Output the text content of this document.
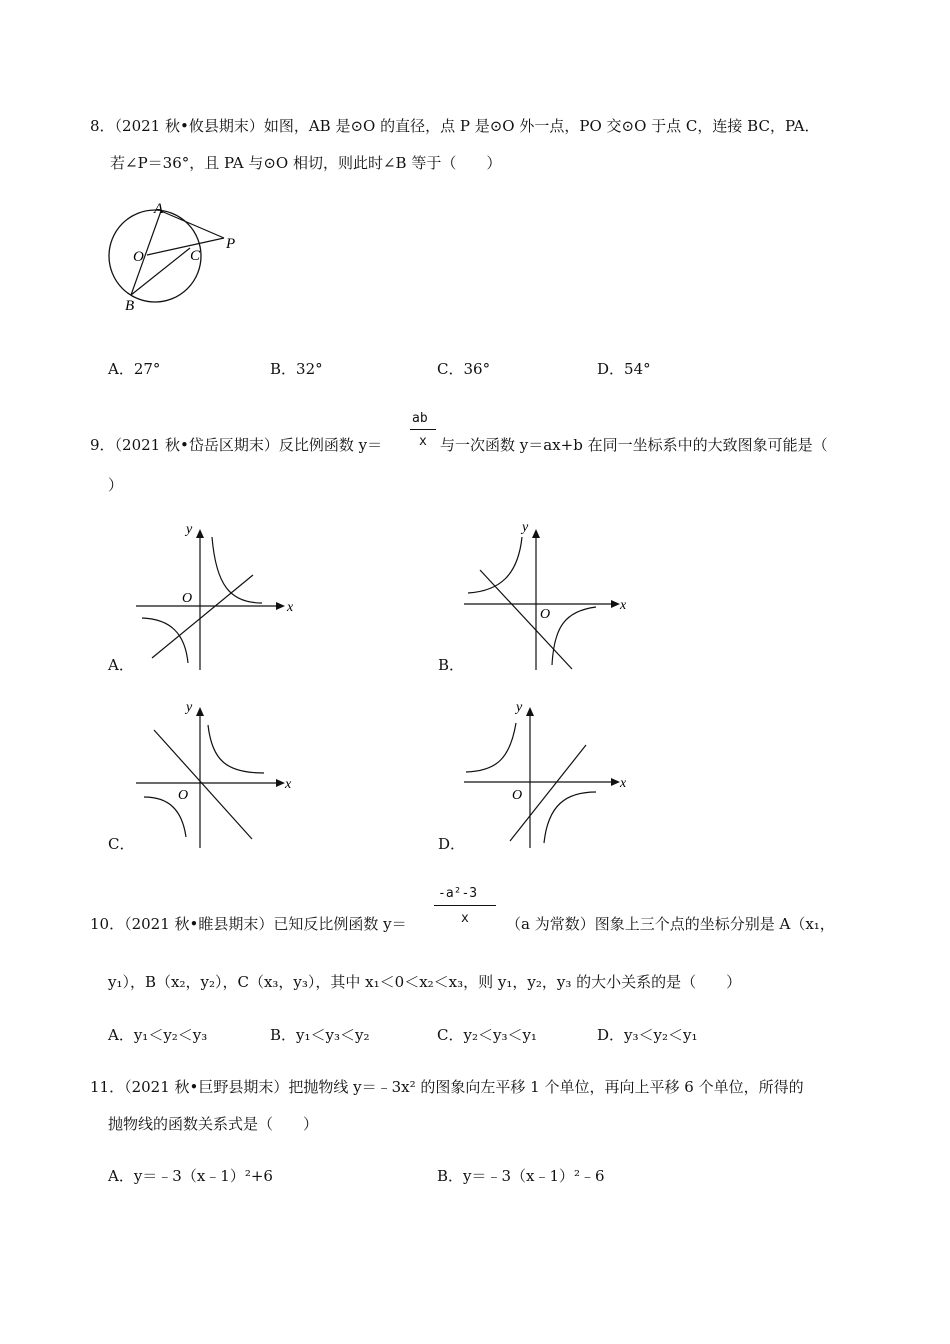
8．（2021 秋•攸县期末）如图，AB 是⊙O 的直径，点 P 是⊙O 外一点，PO 交⊙O 于点 C，连接 BC，PA．
若∠P＝36°，且 PA 与⊙O 相切，则此时∠B 等于（　　）
A
O	C
P
B
A．27°	B．32°	C．36°	D．54°
9．（2021 秋•岱岳区期末）反比例函数 y＝
ab
x 与一次函数 y＝ax+b 在同一坐标系中的大致图象可能是（
）
x
y
O
A．
x
y
O
B．
x
y
O
C．
x
y
O
D．
10．（2021 秋•睢县期末）已知反比例函数 y＝
-a²-3
x （a 为常数）图象上三个点的坐标分别是 A（x₁，
y₁），B（x₂，y₂），C（x₃，y₃），其中 x₁＜0＜x₂＜x₃，则 y₁，y₂，y₃ 的大小关系的是（　　）
A．y₁＜y₂＜y₃	B．y₁＜y₃＜y₂	C．y₂＜y₃＜y₁	D．y₃＜y₂＜y₁
11．（2021 秋•巨野县期末）把抛物线 y＝﹣3x² 的图象向左平移 1 个单位，再向上平移 6 个单位，所得的
抛物线的函数关系式是（　　）
A．y＝﹣3（x﹣1）²+6	B．y＝﹣3（x﹣1）²﹣6
